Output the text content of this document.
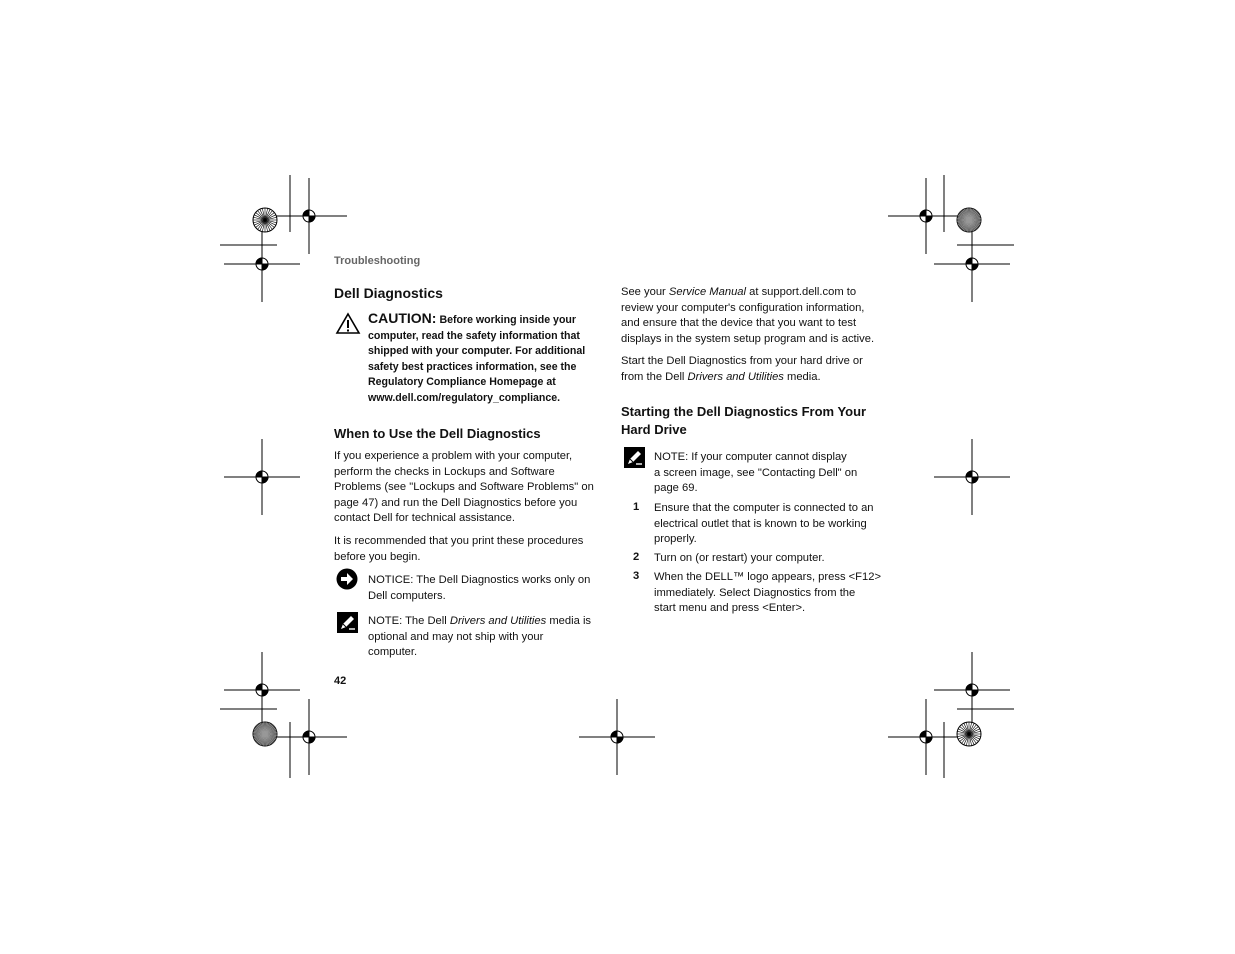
Troubleshooting
Dell Diagnostics
CAUTION: Before working inside your
computer, read the safety information that
shipped with your computer. For additional
safety best practices information, see the
Regulatory Compliance Homepage at
www.dell.com/regulatory_compliance.
When to Use the Dell Diagnostics
If you experience a problem with your computer,
perform the checks in Lockups and Software
Problems (see "Lockups and Software Problems" on
page 47) and run the Dell Diagnostics before you
contact Dell for technical assistance.
It is recommended that you print these procedures
before you begin.
NOTICE: The Dell Diagnostics works only on
Dell computers.
NOTE: The Dell Drivers and Utilities media is
optional and may not ship with your
computer.
42
See your Service Manual at support.dell.com to
review your computer's configuration information,
and ensure that the device that you want to test
displays in the system setup program and is active.
Start the Dell Diagnostics from your hard drive or
from the Dell Drivers and Utilities media.
Starting the Dell Diagnostics From Your
Hard Drive
NOTE: If your computer cannot display
a screen image, see "Contacting Dell" on
page 69.
1	Ensure that the computer is connected to an
electrical outlet that is known to be working
properly.
2	Turn on (or restart) your computer.
3	When the DELL™ logo appears, press <F12>
immediately. Select Diagnostics from the
start menu and press <Enter>.
